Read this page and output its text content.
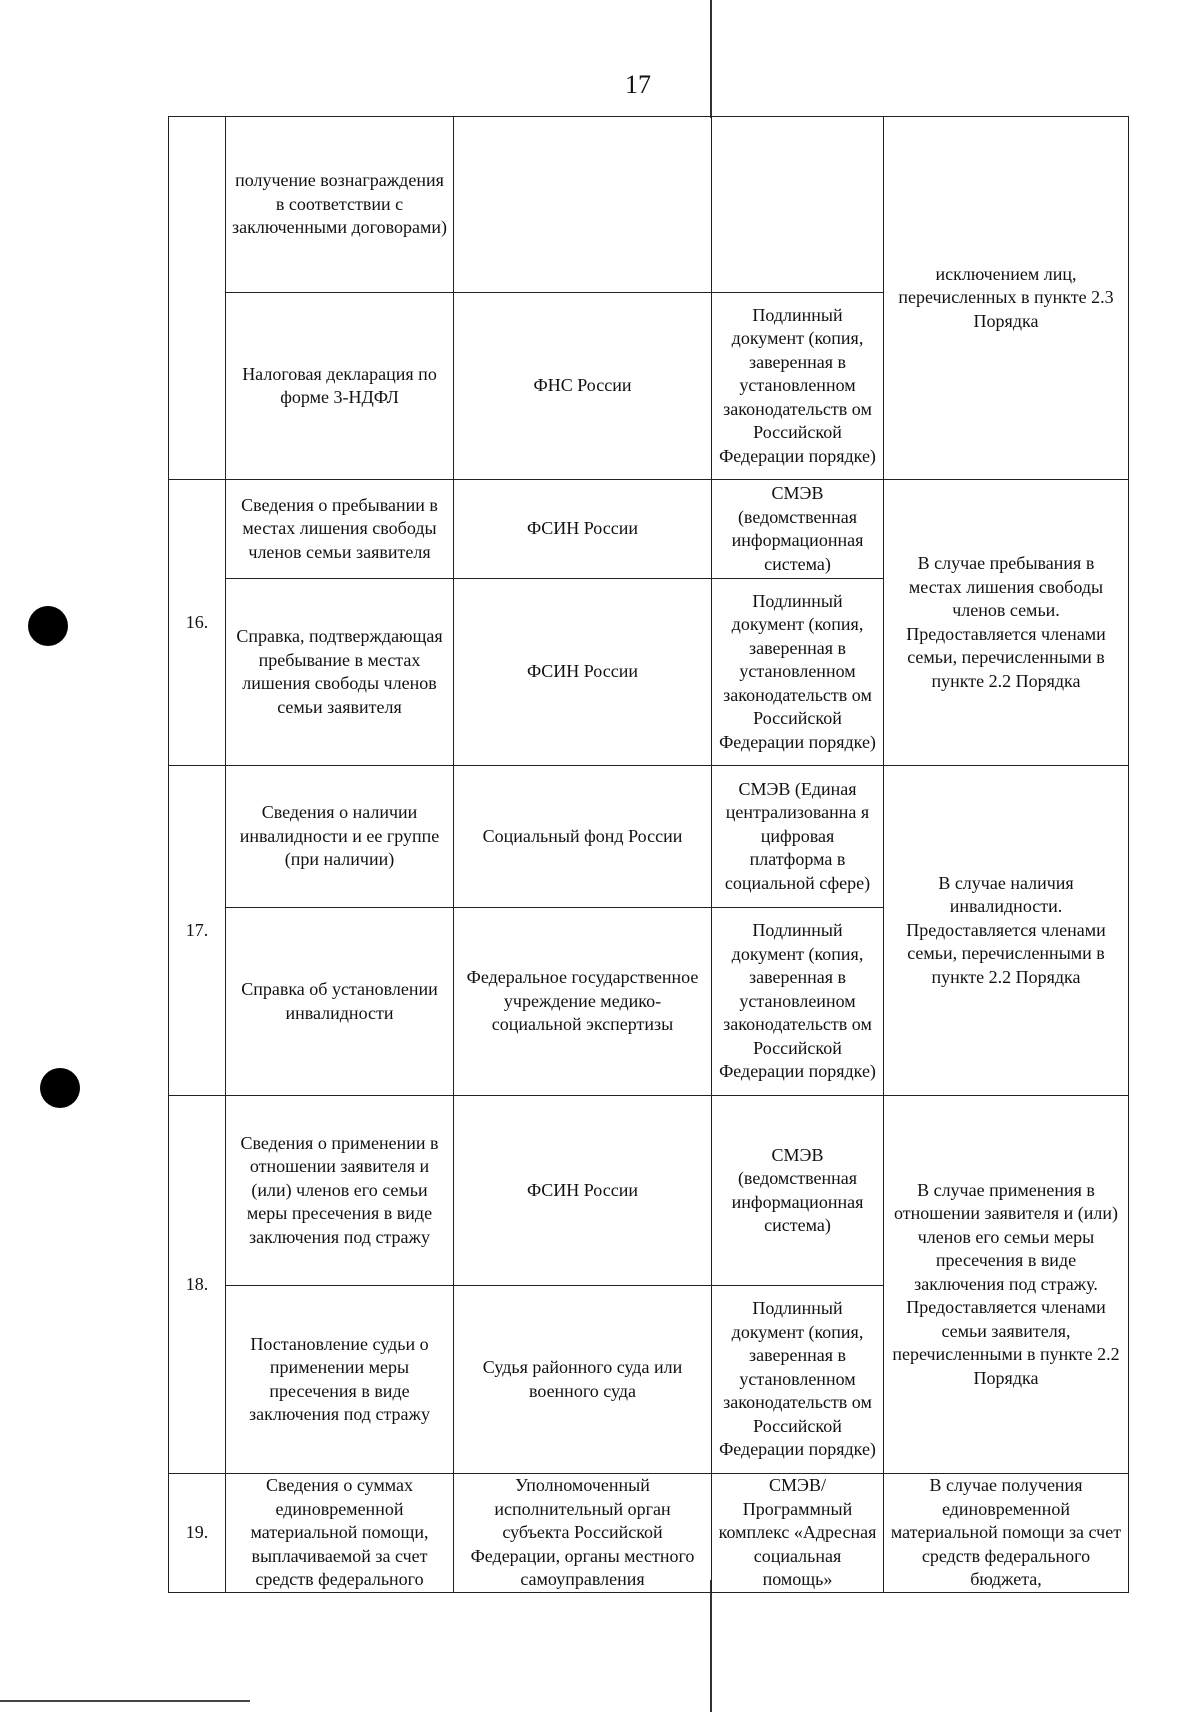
17
	получение вознаграждения в соответствии с заключенными договорами)			исключением лиц, перечисленных в пункте 2.3 Порядка
	Налоговая декларация по форме 3-НДФЛ	ФНС России	Подлинный документ (копия, заверенная в установленном законодательств ом Российской Федерации порядке)	
16.	Сведения о пребывании в местах лишения свободы членов семьи заявителя	ФСИН России	СМЭВ (ведомственная информационная система)	В случае пребывания в местах лишения свободы членов семьи. Предоставляется членами семьи, перечисленными в пункте 2.2 Порядка
	Справка, подтверждающая пребывание в местах лишения свободы членов семьи заявителя	ФСИН России	Подлинный документ (копия, заверенная в установленном законодательств ом Российской Федерации порядке)	
17.	Сведения о наличии инвалидности и ее группе (при наличии)	Социальный фонд России	СМЭВ (Единая централизованна я цифровая платформа в социальной сфере)	В случае наличия инвалидности. Предоставляется членами семьи, перечисленными в пункте 2.2 Порядка
	Справка об установлении инвалидности	Федеральное государственное учреждение медико-социальной экспертизы	Подлинный документ (копия, заверенная в установлеином законодательств ом Российской Федерации порядке)	
18.	Сведения о применении в отношении заявителя и (или) членов его семьи меры пресечения в виде заключения под стражу	ФСИН России	СМЭВ (ведомственная информационная система)	В случае применения в отношении заявителя и (или) членов его семьи меры пресечения в виде заключения под стражу. Предоставляется членами семьи заявителя, перечисленными в пункте 2.2 Порядка
	Постановление судьи о применении меры пресечения в виде заключения под стражу	Судья районного суда или военного суда	Подлинный документ (копия, заверенная в установленном законодательств ом Российской Федерации порядке)	
19.	Сведения о суммах единовременной материальной помощи, выплачиваемой за счет средств федерального	Уполномоченный исполнительный орган субъекта Российской Федерации, органы местного самоуправления	СМЭВ/Программный комплекс «Адресная социальная помощь»	В случае получения единовременной материальной помощи за счет средств федерального бюджета,
